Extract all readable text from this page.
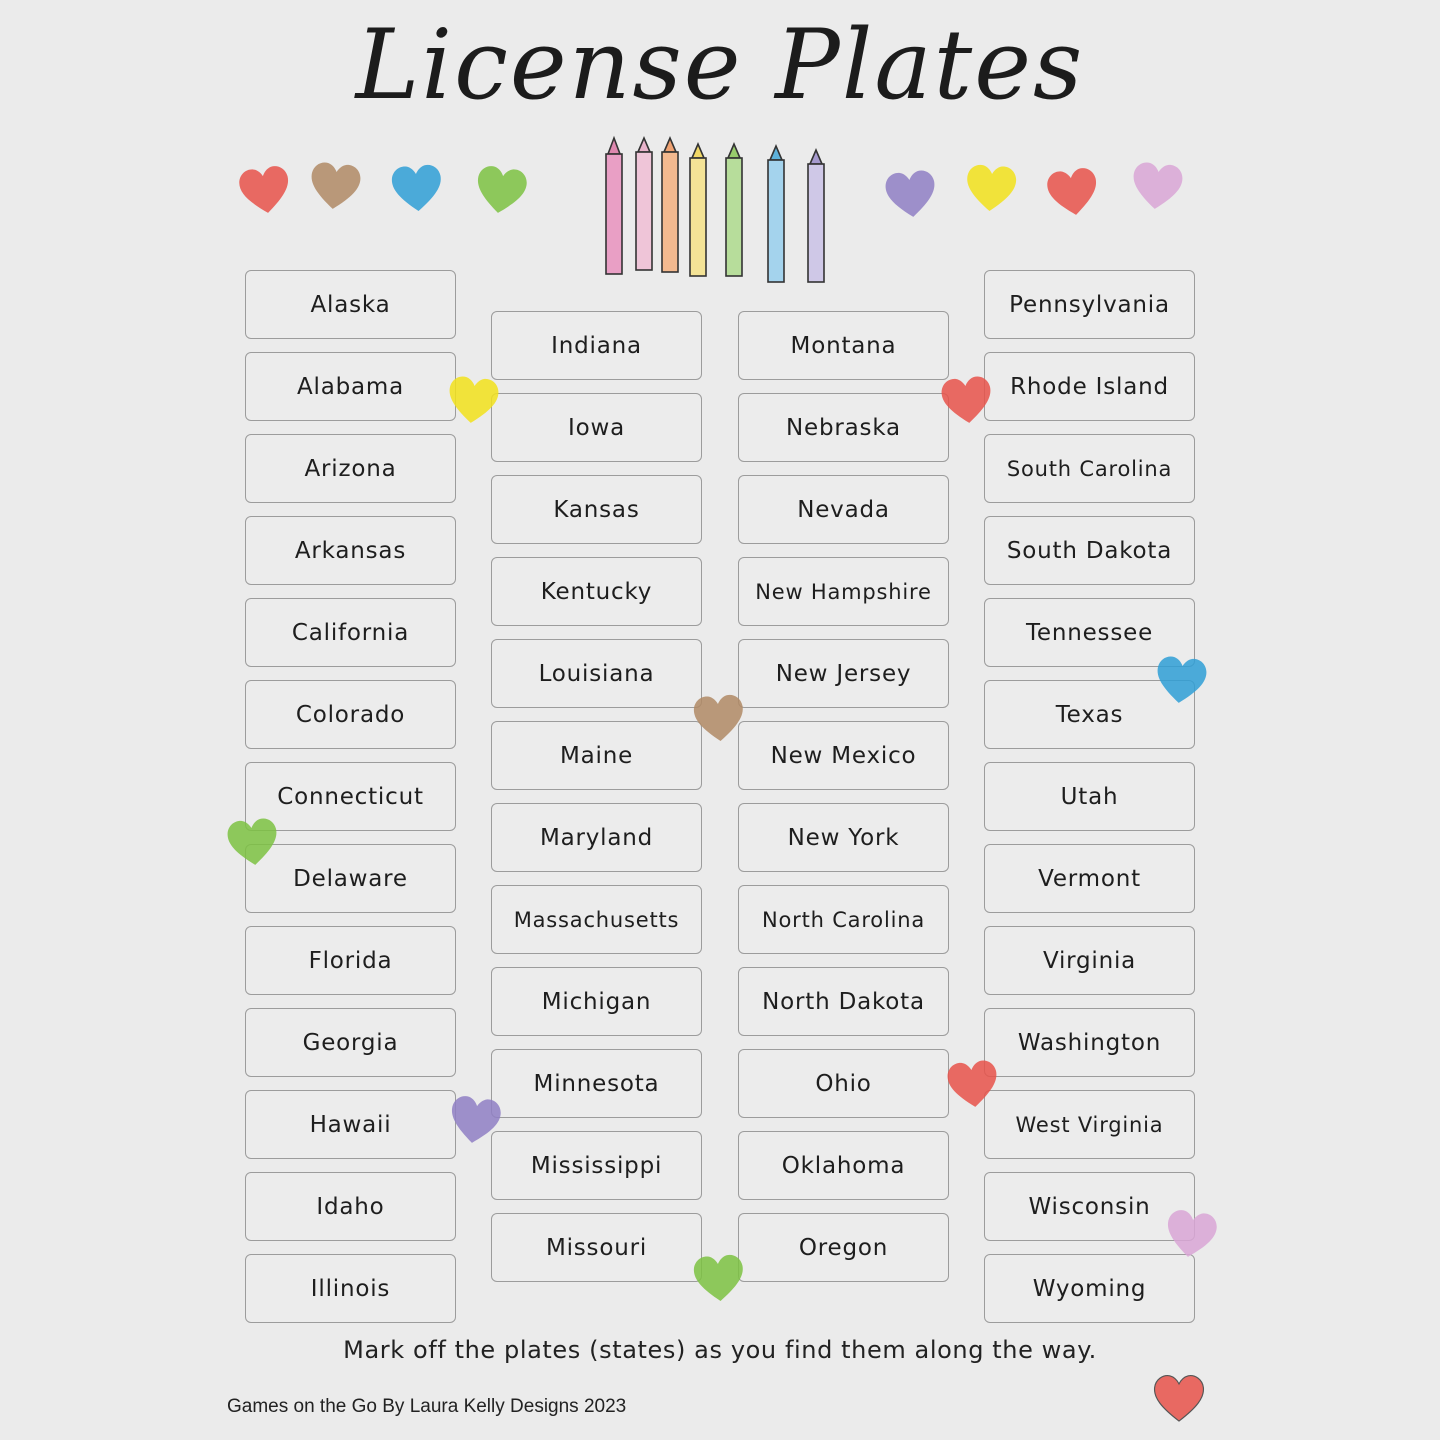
License Plates
Alaska
Alabama
Arizona
Arkansas
California
Colorado
Connecticut
Delaware
Florida
Georgia
Hawaii
Idaho
Illinois
Indiana
Iowa
Kansas
Kentucky
Louisiana
Maine
Maryland
Massachusetts
Michigan
Minnesota
Mississippi
Missouri
Montana
Nebraska
Nevada
New Hampshire
New Jersey
New Mexico
New York
North Carolina
North Dakota
Ohio
Oklahoma
Oregon
Pennsylvania
Rhode Island
South Carolina
South Dakota
Tennessee
Texas
Utah
Vermont
Virginia
Washington
West Virginia
Wisconsin
Wyoming
Mark off the plates (states) as you find them along the way.
Games on the Go By Laura Kelly Designs 2023
